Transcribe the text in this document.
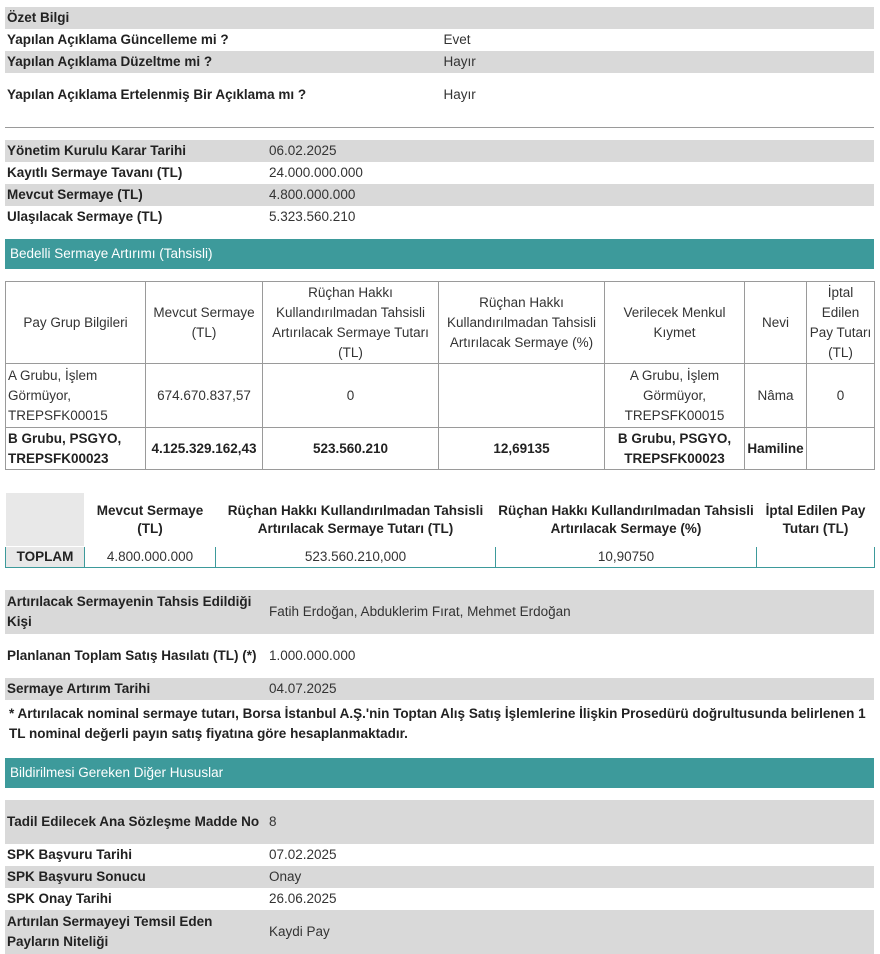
Özet Bilgi	
Yapılan Açıklama Güncelleme mi ?	Evet
Yapılan Açıklama Düzeltme mi ?	Hayır
Yapılan Açıklama Ertelenmiş Bir Açıklama mı ?	Hayır
Yönetim Kurulu Karar Tarihi	06.02.2025
Kayıtlı Sermaye Tavanı (TL)	24.000.000.000
Mevcut Sermaye (TL)	4.800.000.000
Ulaşılacak Sermaye (TL)	5.323.560.210
Bedelli Sermaye Artırımı (Tahsisli)
Pay Grup Bilgileri	Mevcut Sermaye (TL)	Rüçhan Hakkı Kullandırılmadan Tahsisli Artırılacak Sermaye Tutarı (TL)	Rüçhan Hakkı Kullandırılmadan Tahsisli Artırılacak Sermaye (%)	Verilecek Menkul Kıymet	Nevi	İptal Edilen Pay Tutarı (TL)
A Grubu, İşlem Görmüyor, TREPSFK00015	674.670.837,57	0		A Grubu, İşlem Görmüyor, TREPSFK00015	Nâma	0
B Grubu, PSGYO, TREPSFK00023	4.125.329.162,43	523.560.210	12,69135	B Grubu, PSGYO, TREPSFK00023	Hamiline	
	Mevcut Sermaye (TL)	Rüçhan Hakkı Kullandırılmadan Tahsisli Artırılacak Sermaye Tutarı (TL)	Rüçhan Hakkı Kullandırılmadan Tahsisli Artırılacak Sermaye (%)	İptal Edilen Pay Tutarı (TL)
TOPLAM	4.800.000.000	523.560.210,000	10,90750	
Artırılacak Sermayenin Tahsis Edildiği Kişi	Fatih Erdoğan, Abduklerim Fırat, Mehmet Erdoğan
Planlanan Toplam Satış Hasılatı (TL) (*)	1.000.000.000
Sermaye Artırım Tarihi	04.07.2025
* Artırılacak nominal sermaye tutarı, Borsa İstanbul A.Ş.'nin Toptan Alış Satış İşlemlerine İlişkin Prosedürü doğrultusunda belirlenen 1 TL nominal değerli payın satış fiyatına göre hesaplanmaktadır.
Bildirilmesi Gereken Diğer Hususlar
Tadil Edilecek Ana Sözleşme Madde No	8
SPK Başvuru Tarihi	07.02.2025
SPK Başvuru Sonucu	Onay
SPK Onay Tarihi	26.06.2025
Artırılan Sermayeyi Temsil Eden Payların Niteliği	Kaydi Pay
